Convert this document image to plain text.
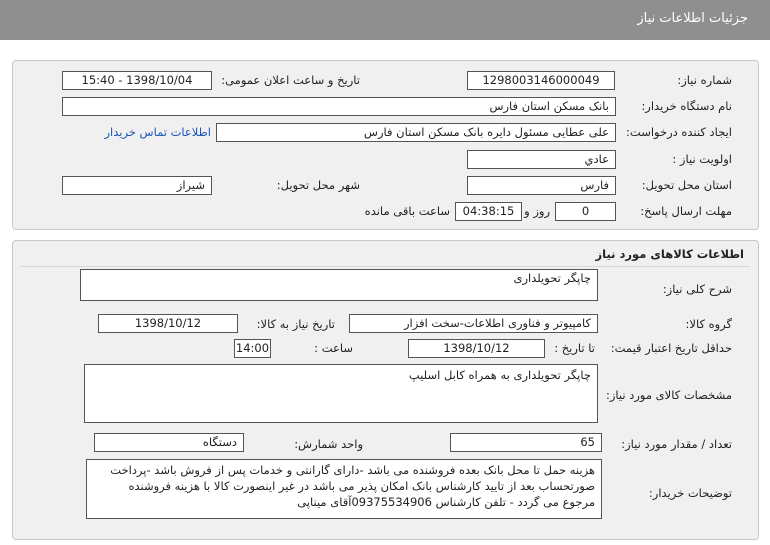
جزئیات اطلاعات نیاز
شماره نیاز:
1298003146000049
تاریخ و ساعت اعلان عمومی:
1398/10/04 - 15:40
نام دستگاه خریدار:
بانک مسکن استان فارس
ایجاد کننده درخواست:
علی عطایی مسئول دایره بانک مسکن استان فارس
اطلاعات تماس خریدار
اولویت نیاز :
عادي
استان محل تحویل:
فارس
شهر محل تحویل:
شیراز
مهلت ارسال پاسخ:
0
روز و
04:38:15
ساعت باقی مانده
اطلاعات کالاهای مورد نیاز
شرح کلی نیاز:
چاپگر تحویلداری
گروه کالا:
کامپیوتر و فناوری اطلاعات-سخت افزار
تاریخ نیاز به کالا:
1398/10/12
حداقل تاریخ اعتبار قیمت:
تا تاریخ :
1398/10/12
ساعت :
14:00
مشخصات کالای مورد نیاز:
چاپگر تحویلداری به همراه کابل اسلیپ
تعداد / مقدار مورد نیاز:
65
واحد شمارش:
دستگاه
توضیحات خریدار:
هزینه حمل تا محل بانک بعده فروشنده می باشد -دارای گارانتی و خدمات پس از فروش باشد -پرداخت صورتحساب بعد از تایید کارشناس بانک امکان پذیر می باشد در غیر اینصورت کالا با هزینه فروشنده مرجوع می گردد - تلفن کارشناس 09375534906آقای میناپی
